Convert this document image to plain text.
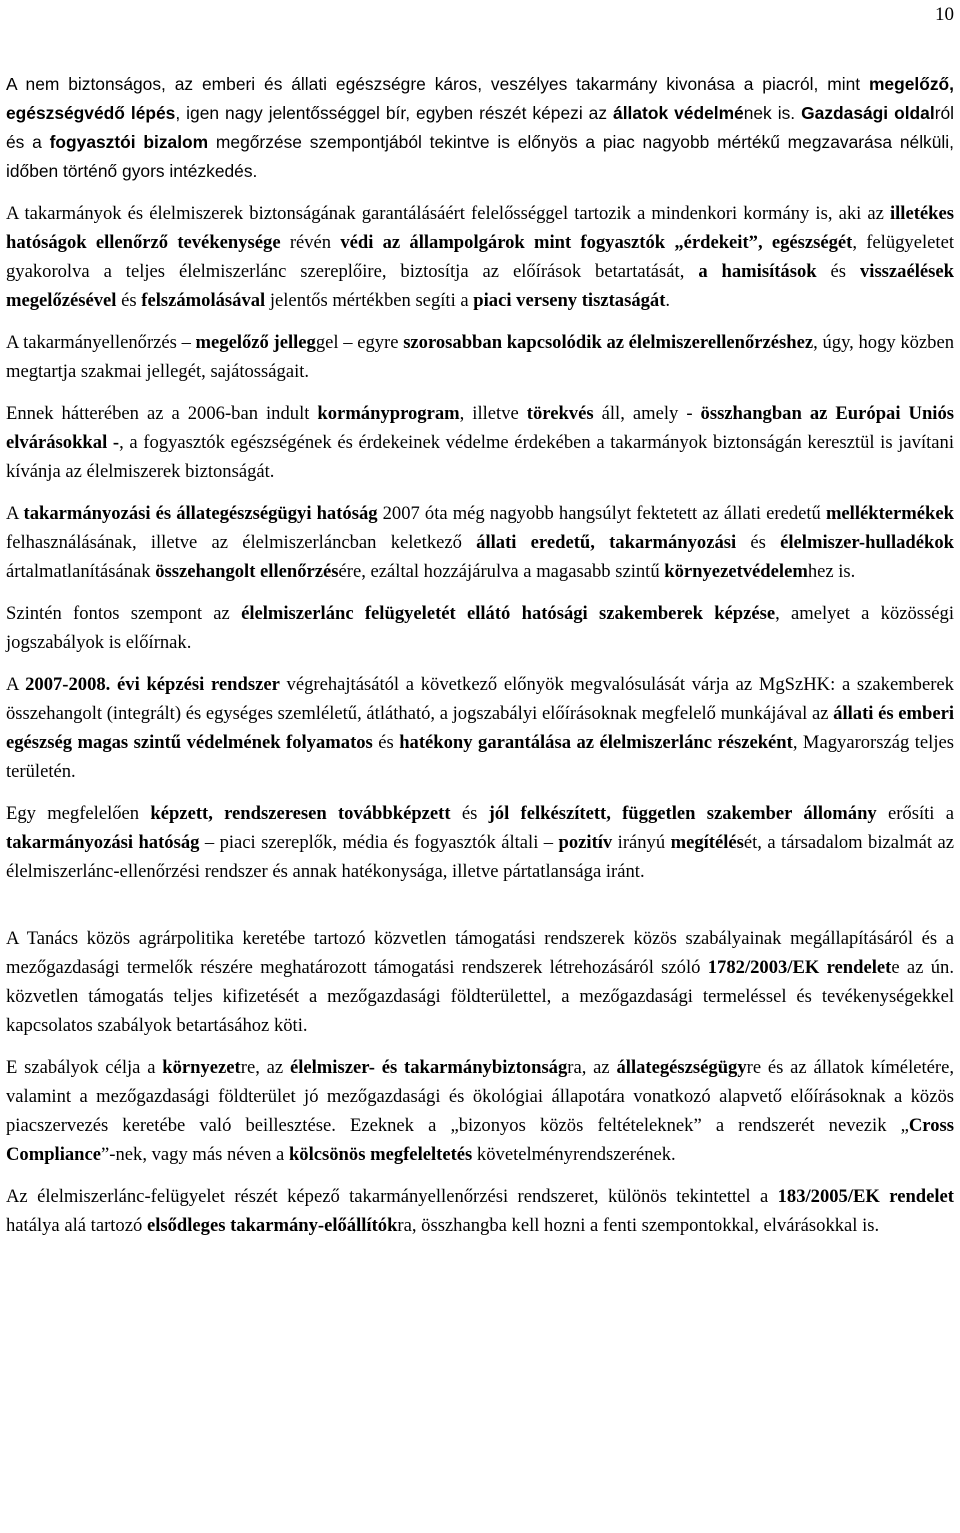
10

A nem biztonságos, az emberi és állati egészségre káros, veszélyes takarmány kivonása a piacról, mint megelőző, egészségvédő lépés, igen nagy jelentősséggel bír, egyben részét képezi az állatok védelmének is. Gazdasági oldalról és a fogyasztói bizalom megőrzése szempontjából tekintve is előnyös a piac nagyobb mértékű megzavarása nélküli, időben történő gyors intézkedés.

A takarmányok és élelmiszerek biztonságának garantálásáért felelősséggel tartozik a mindenkori kormány is, aki az illetékes hatóságok ellenőrző tevékenysége révén védi az állampolgárok mint fogyasztók „érdekeit”, egészségét, felügyeletet gyakorolva a teljes élelmiszerlánc szereplőire, biztosítja az előírások betartatását, a hamisítások és visszaélések megelőzésével és felszámolásával jelentős mértékben segíti a piaci verseny tisztaságát.

A takarmányellenőrzés – megelőző jelleggel – egyre szorosabban kapcsolódik az élelmiszerellenőrzéshez, úgy, hogy közben megtartja szakmai jellegét, sajátosságait.

Ennek hátterében az a 2006-ban indult kormányprogram, illetve törekvés áll, amely - összhangban az Európai Uniós elvárásokkal -, a fogyasztók egészségének és érdekeinek védelme érdekében a takarmányok biztonságán keresztül is javítani kívánja az élelmiszerek biztonságát.

A takarmányozási és állategészségügyi hatóság 2007 óta még nagyobb hangsúlyt fektetett az állati eredetű melléktermékek felhasználásának, illetve az élelmiszerláncban keletkező állati eredetű, takarmányozási és élelmiszer-hulladékok ártalmatlanításának összehangolt ellenőrzésére, ezáltal hozzájárulva a magasabb szintű környezetvédelemhez is.

Szintén fontos szempont az élelmiszerlánc felügyeletét ellátó hatósági szakemberek képzése, amelyet a közösségi jogszabályok is előírnak.

A 2007-2008. évi képzési rendszer végrehajtásától a következő előnyök megvalósulását várja az MgSzHK: a szakemberek összehangolt (integrált) és egységes szemléletű, átlátható, a jogszabályi előírásoknak megfelelő munkájával az állati és emberi egészség magas szintű védelmének folyamatos és hatékony garantálása az élelmiszerlánc részeként, Magyarország teljes területén.

Egy megfelelően képzett, rendszeresen továbbképzett és jól felkészített, független szakember állomány erősíti a takarmányozási hatóság – piaci szereplők, média és fogyasztók általi – pozitív irányú megítélését, a társadalom bizalmát az élelmiszerlánc-ellenőrzési rendszer és annak hatékonysága, illetve pártatlansága iránt.

A Tanács közös agrárpolitika keretébe tartozó közvetlen támogatási rendszerek közös szabályainak megállapításáról és a mezőgazdasági termelők részére meghatározott támogatási rendszerek létrehozásáról szóló 1782/2003/EK rendelete az ún. közvetlen támogatás teljes kifizetését a mezőgazdasági földterülettel, a mezőgazdasági termeléssel és tevékenységekkel kapcsolatos szabályok betartásához köti.

E szabályok célja a környezetre, az élelmiszer- és takarmánybiztonságra, az állategészségügyre és az állatok kíméletére, valamint a mezőgazdasági földterület jó mezőgazdasági és ökológiai állapotára vonatkozó alapvető előírásoknak a közös piacszervezés keretébe való beillesztése. Ezeknek a „bizonyos közös feltételeknek” a rendszerét nevezik „Cross Compliance”-nek, vagy más néven a kölcsönös megfeleltetés követelményrendszerének.

Az élelmiszerlánc-felügyelet részét képező takarmányellenőrzési rendszeret, különös tekintettel a 183/2005/EK rendelet hatálya alá tartozó elsődleges takarmány-előállítókra, összhangba kell hozni a fenti szempontokkal, elvárásokkal is.
